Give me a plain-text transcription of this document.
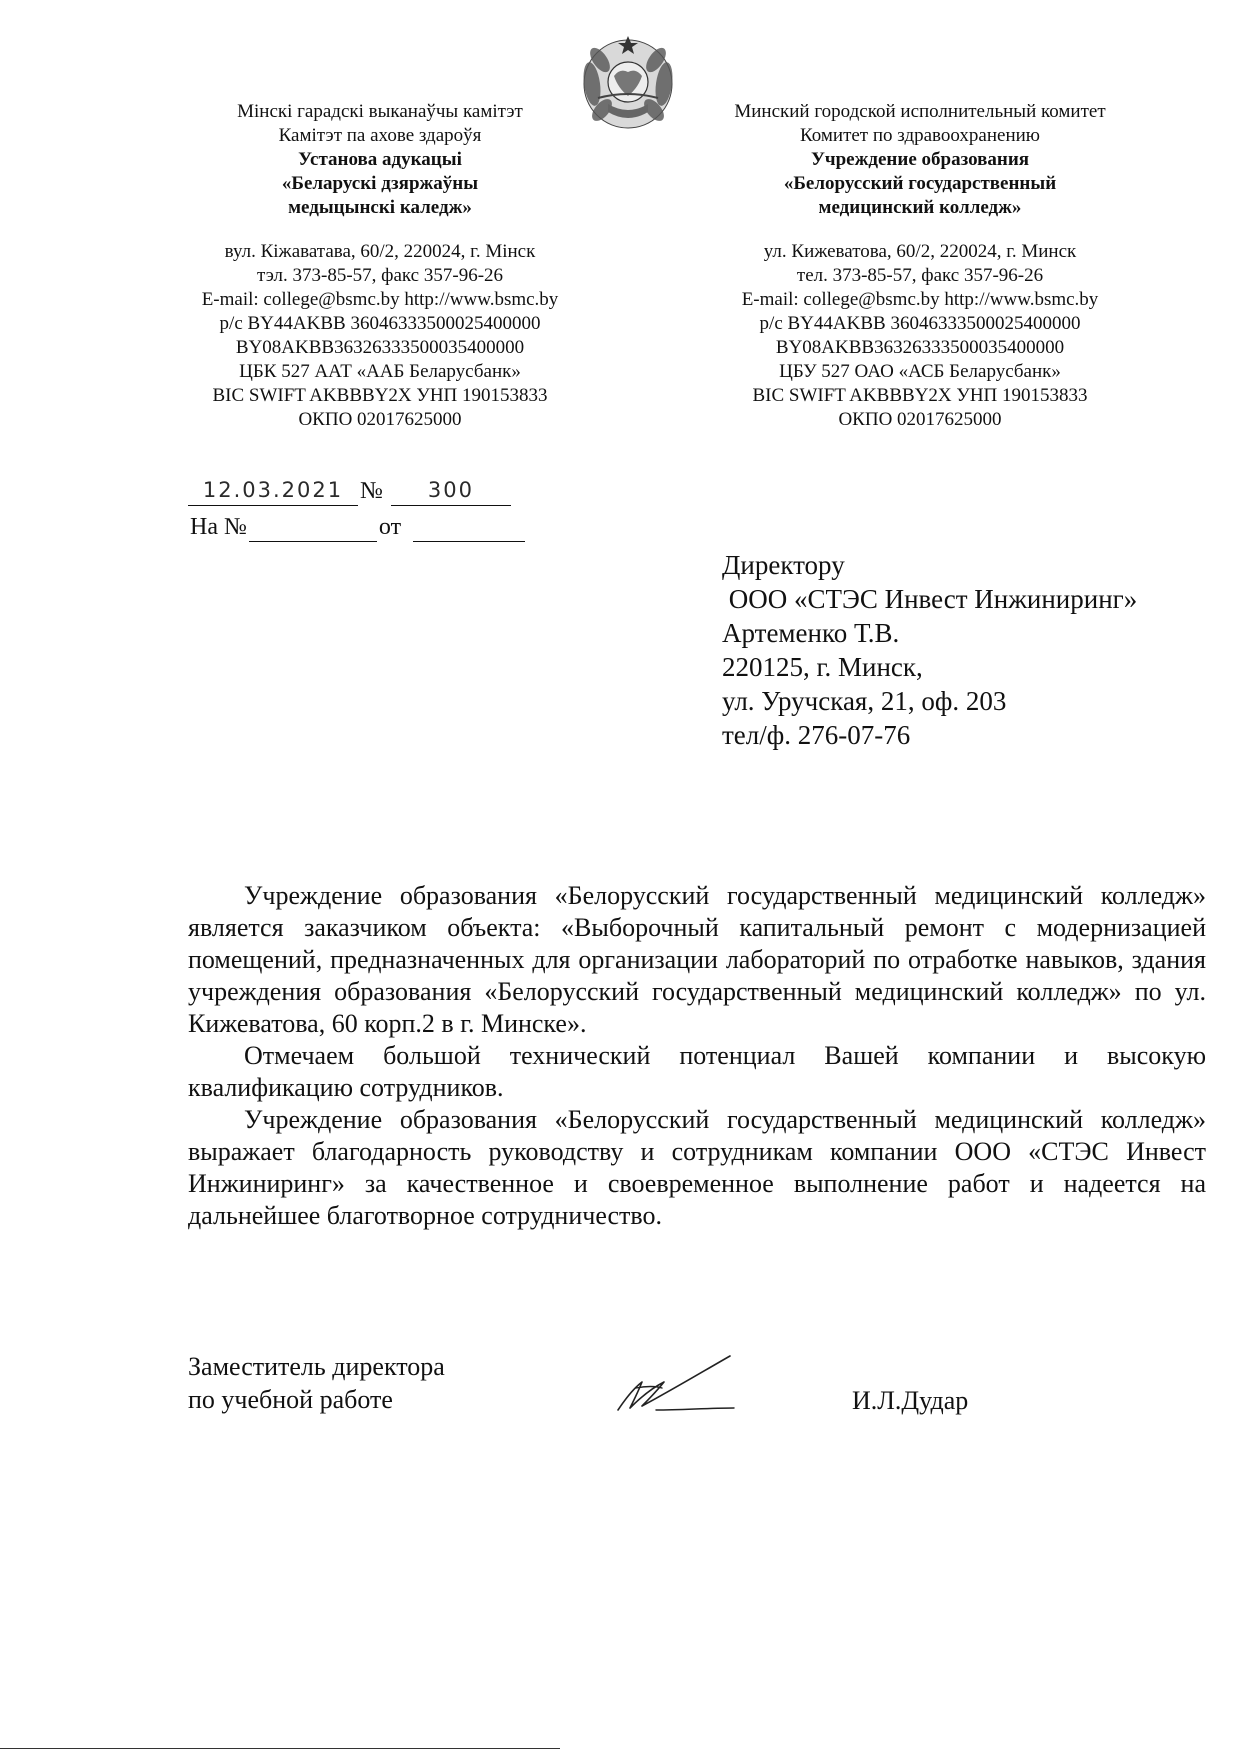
Мінскі гарадскі выканаўчы камітэт
Камітэт па ахове здароўя
Установа адукацыі
«Беларускі дзяржаўны
медыцынскі каледж»
вул. Кіжаватава, 60/2, 220024, г. Мінск
тэл. 373-85-57, факс 357-96-26
E-mail: college@bsmc.by http://www.bsmc.by
р/с BY44AKBB 36046333500025400000
BY08AKBB36326333500035400000
ЦБК 527 ААТ «ААБ Беларусбанк»
BIC SWIFT AKBBBY2X УНП 190153833
ОКПО 02017625000
Минский городской исполнительный комитет
Комитет по здравоохранению
Учреждение образования
«Белорусский государственный
медицинский колледж»
ул. Кижеватова, 60/2, 220024, г. Минск
тел. 373-85-57, факс 357-96-26
E-mail: college@bsmc.by http://www.bsmc.by
р/с BY44AKBB 36046333500025400000
BY08AKBB36326333500035400000
ЦБУ 527 ОАО «АСБ Беларусбанк»
BIC SWIFT AKBBBY2X УНП 190153833
ОКПО 02017625000
12.03.2021 №	300
На №
	от

Директору
ООО «СТЭС Инвест Инжиниринг»
Артеменко Т.В.
220125, г. Минск,
ул. Уручская, 21, оф. 203
тел/ф. 276-07-76

Учреждение образования «Белорусский государственный медицинский колледж» является заказчиком объекта: «Выборочный капитальный ремонт с модернизацией помещений, предназначенных для организации лабораторий по отработке навыков, здания учреждения образования «Белорусский государственный медицинский колледж» по ул. Кижеватова, 60 корп.2 в г. Минске».

Отмечаем большой технический потенциал Вашей компании и высокую квалификацию сотрудников.

Учреждение образования «Белорусский государственный медицинский колледж» выражает благодарность руководству и сотрудникам компании ООО «СТЭС Инвест Инжиниринг» за качественное и своевременное выполнение работ и надеется на дальнейшее благотворное сотрудничество.

Заместитель директора
по учебной работе	И.Л.Дудар
